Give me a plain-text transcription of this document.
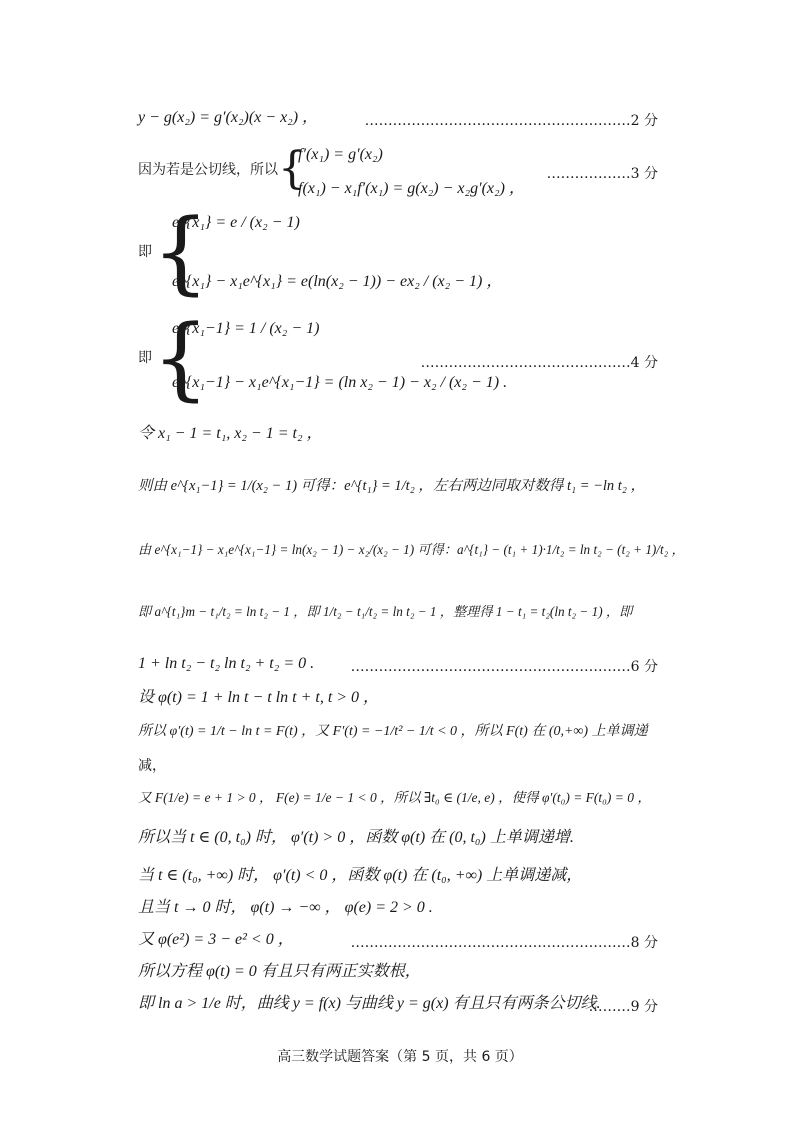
y − g(x₂) = g′(x₂)(x − x₂) ，	…………………………………………………2 分
因为若是公切线，所以 {
f′(x₁) = g′(x₂)
f(x₁) − x₁f′(x₁) = g(x₂) − x₂g′(x₂) ，
………………3 分
即 {
e^{x₁} = e / (x₂ − 1)
e^{x₁} − x₁e^{x₁} = e(ln(x₂ − 1)) − ex₂ / (x₂ − 1) ，
即 {
e^{x₁−1} = 1 / (x₂ − 1)
e^{x₁−1} − x₁e^{x₁−1} = (ln x₂ − 1) − x₂ / (x₂ − 1) .
………………………………………4 分
令 x₁ − 1 = t₁, x₂ − 1 = t₂ ，
则由 e^{x₁−1} = 1/(x₂ − 1) 可得：e^{t₁} = 1/t₂ ，左右两边同取对数得 t₁ = −ln t₂ ，
由 e^{x₁−1} − x₁e^{x₁−1} = ln(x₂ − 1) − x₂/(x₂ − 1) 可得：a^{t₁} − (t₁ + 1)·1/t₂ = ln t₂ − (t₂ + 1)/t₂ ，
即 a^{t₁}m − t₁/t₂ = ln t₂ − 1 ，即 1/t₂ − t₁/t₂ = ln t₂ − 1 ，整理得 1 − t₁ = t₂(ln t₂ − 1) ，即
1 + ln t₂ − t₂ ln t₂ + t₂ = 0 .	……………………………………………………6 分
设 φ(t) = 1 + ln t − t ln t + t, t > 0 ，
所以 φ′(t) = 1/t − ln t = F(t) ，又 F′(t) = −1/t² − 1/t < 0 ，所以 F(t) 在 (0,+∞) 上单调递
减，
又 F(1/e) = e + 1 > 0 ， F(e) = 1/e − 1 < 0 ，所以 ∃t₀ ∈ (1/e, e) ，使得 φ′(t₀) = F(t₀) = 0 ，
所以当 t ∈ (0, t₀) 时， φ′(t) > 0 ，函数 φ(t) 在 (0, t₀) 上单调递增.
当 t ∈ (t₀, +∞) 时， φ′(t) < 0 ，函数 φ(t) 在 (t₀, +∞) 上单调递减，
且当 t → 0 时， φ(t) → −∞ ， φ(e) = 2 > 0 .
又 φ(e²) = 3 − e² < 0 ，	……………………………………………………8 分
所以方程 φ(t) = 0 有且只有两正实数根，
即 ln a > 1/e 时，曲线 y = f(x) 与曲线 y = g(x) 有且只有两条公切线.
………9 分
高三数学试题答案（第 5 页，共 6 页）
